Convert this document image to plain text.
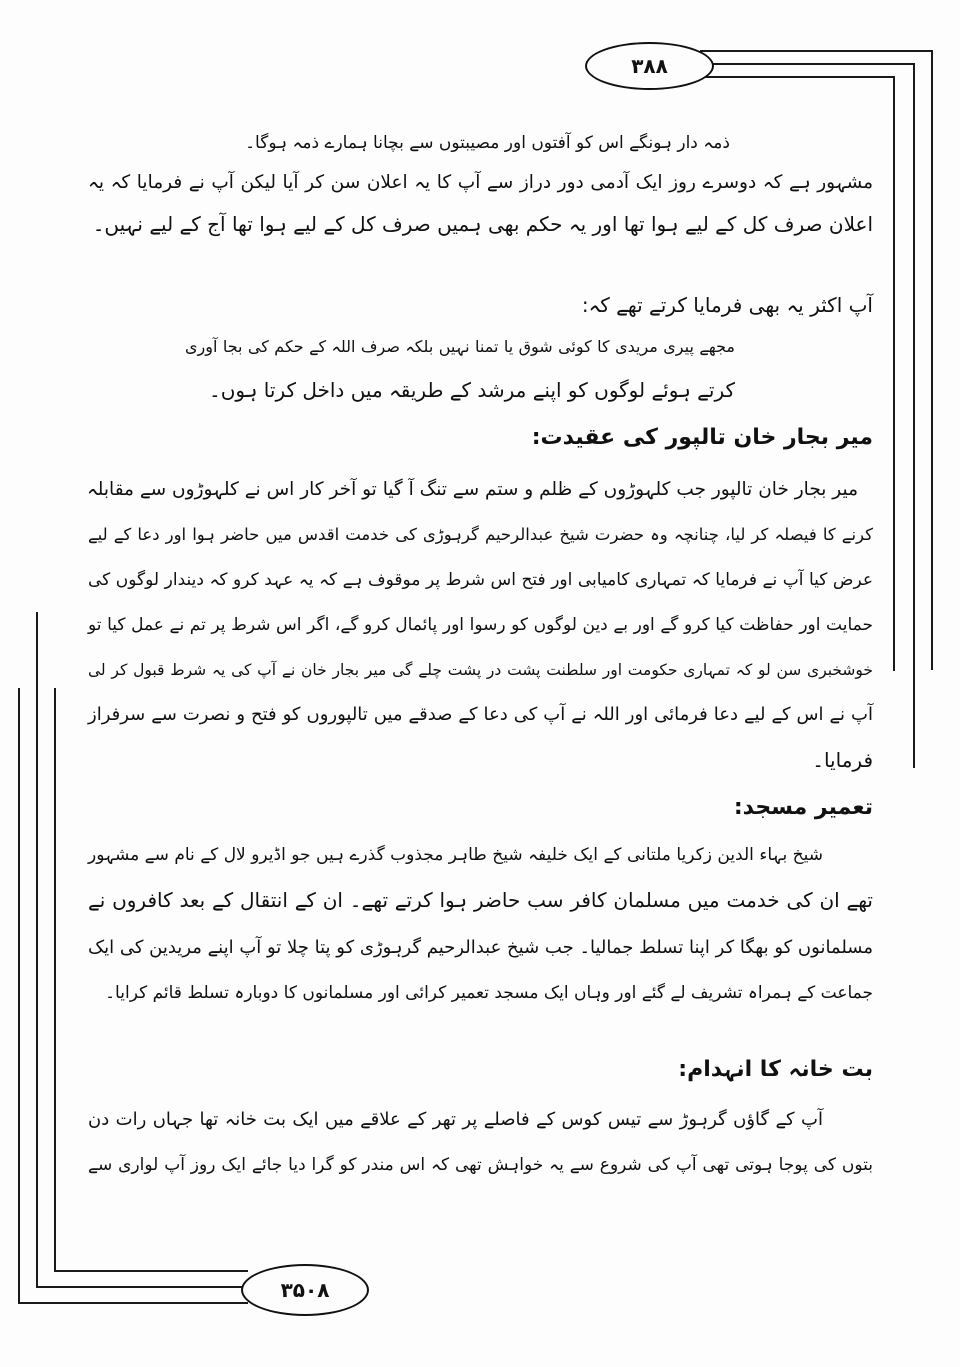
۳۸۸
۳۵۰۸
ذمہ دار ہونگے اس کو آفتوں اور مصیبتوں سے بچانا ہمارے ذمہ ہوگا۔
مشہور ہے کہ دوسرے روز ایک آدمی دور دراز سے آپ کا یہ اعلان سن کر آیا لیکن آپ نے فرمایا کہ یہ
اعلان صرف کل کے لیے ہوا تھا اور یہ حکم بھی ہمیں صرف کل کے لیے ہوا تھا آج کے لیے نہیں۔
آپ اکثر یہ بھی فرمایا کرتے تھے کہ:
مجھے پیری مریدی کا کوئی شوق یا تمنا نہیں بلکہ صرف اللہ کے حکم کی بجا آوری
کرتے ہوئے لوگوں کو اپنے مرشد کے طریقہ میں داخل کرتا ہوں۔
میر بجار خان تالپور کی عقیدت:
میر بجار خان تالپور جب کلہوڑوں کے ظلم و ستم سے تنگ آ گیا تو آخر کار اس نے کلہوڑوں سے مقابلہ
کرنے کا فیصلہ کر لیا، چنانچہ وہ حضرت شیخ عبدالرحیم گرہوڑی کی خدمت اقدس میں حاضر ہوا اور دعا کے لیے
عرض کیا آپ نے فرمایا کہ تمہاری کامیابی اور فتح اس شرط پر موقوف ہے کہ یہ عہد کرو کہ دیندار لوگوں کی
حمایت اور حفاظت کیا کرو گے اور بے دین لوگوں کو رسوا اور پائمال کرو گے، اگر اس شرط پر تم نے عمل کیا تو
خوشخبری سن لو کہ تمہاری حکومت اور سلطنت پشت در پشت چلے گی میر بجار خان نے آپ کی یہ شرط قبول کر لی
آپ نے اس کے لیے دعا فرمائی اور اللہ نے آپ کی دعا کے صدقے میں تالپوروں کو فتح و نصرت سے سرفراز
فرمایا۔
تعمیر مسجد:
شیخ بہاء الدین زکریا ملتانی کے ایک خلیفہ شیخ طاہر مجذوب گذرے ہیں جو اڈیرو لال کے نام سے مشہور
تھے ان کی خدمت میں مسلمان کافر سب حاضر ہوا کرتے تھے۔ ان کے انتقال کے بعد کافروں نے
مسلمانوں کو بھگا کر اپنا تسلط جمالیا۔ جب شیخ عبدالرحیم گرہوڑی کو پتا چلا تو آپ اپنے مریدین کی ایک
جماعت کے ہمراہ تشریف لے گئے اور وہاں ایک مسجد تعمیر کرائی اور مسلمانوں کا دوبارہ تسلط قائم کرایا۔
بت خانہ کا انہدام:
آپ کے گاؤں گرہوڑ سے تیس کوس کے فاصلے پر تھر کے علاقے میں ایک بت خانہ تھا جہاں رات دن
بتوں کی پوجا ہوتی تھی آپ کی شروع سے یہ خواہش تھی کہ اس مندر کو گرا دیا جائے ایک روز آپ لواری سے
